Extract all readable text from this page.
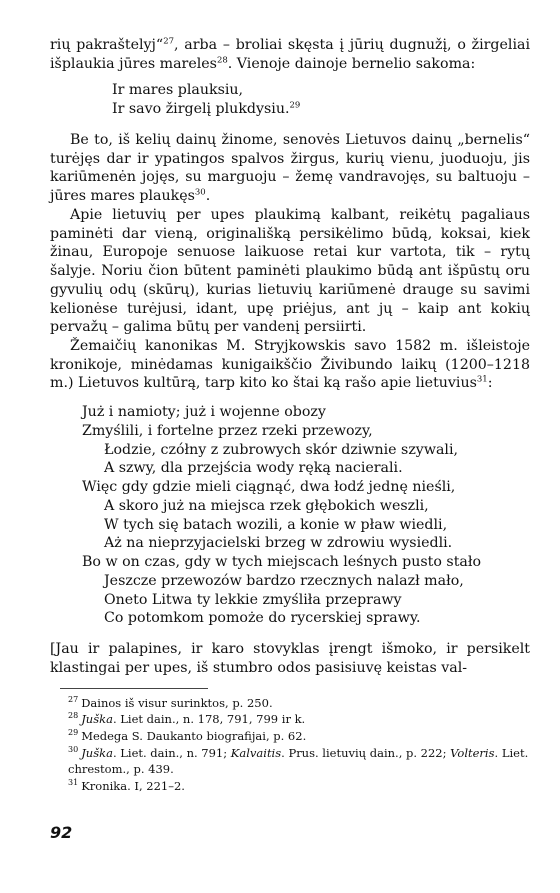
rių pakraštelyj“$^{27}$, arba – broliai skęsta į jūrių dugnužį, o žirgeliai išplaukia jūres mareles$^{28}$. Vienoje dainoje bernelio sakoma:

Ir mares plauksiu,
Ir savo žirgelį plukdysiu.$^{29}$

Be to, iš kelių dainų žinome, senovės Lietuvos dainų „bernelis“ turėjęs dar ir ypatingos spalvos žirgus, kurių vienu, juoduoju, jis kariūmenėn jojęs, su marguoju – žemę vandravojęs, su baltuoju – jūres mares plaukęs$^{30}$.

Apie lietuvių per upes plaukimą kalbant, reikėtų pagaliaus paminėti dar vieną, originališką persikėlimo būdą, koksai, kiek žinau, Europoje senuose laikuose retai kur vartota, tik – rytų šalyje. Noriu čion būtent paminėti plaukimo būdą ant išpūstų oru gyvulių odų (skūrų), kurias lietuvių kariūmenė drauge su savimi kelionėse turėjusi, idant, upę priėjus, ant jų – kaip ant kokių pervažų – galima būtų per vandenį persiirti.

Žemaičių kanonikas M. Stryjkowskis savo 1582 m. išleistoje kronikoje, minėdamas kunigaikščio Živibundo laikų (1200–1218 m.) Lietuvos kultūrą, tarp kito ko štai ką rašo apie lietuvius$^{31}$:

Już i namioty; już i wojenne obozy
Zmyślili, i fortelne przez rzeki przewozy,
Łodzie, czółny z zubrowych skór dziwnie szywali,
A szwy, dla przejścia wody ręką nacierali.
Więc gdy gdzie mieli ciągnąć, dwa łodź jednę nieśli,
A skoro już na miejsca rzek głębokich weszli,
W tych się batach wozili, a konie w pław wiedli,
Aż na nieprzyjacielski brzeg w zdrowiu wysiedli.
Bo w on czas, gdy w tych miejscach leśnych pusto stało
Jeszcze przewozów bardzo rzecznych nalazł mało,
Oneto Litwa ty lekkie zmyśliła przeprawy
Co potomkom pomoże do rycerskiej sprawy.

[Jau ir palapines, ir karo stovyklas įrengt išmoko, ir persikelt klastingai per upes, iš stumbro odos pasisiuvę keistas val-

$^{27}$ Dainos iš visur surinktos, p. 250.

$^{28}$ Juška. Liet dain., n. 178, 791, 799 ir k.

$^{29}$ Medega S. Daukanto biografijai, p. 62.

$^{30}$ Juška. Liet. dain., n. 791; Kalvaitis. Prus. lietuvių dain., p. 222; Volteris. Liet. chrestom., p. 439.

$^{31}$ Kronika. I, 221–2.

92
